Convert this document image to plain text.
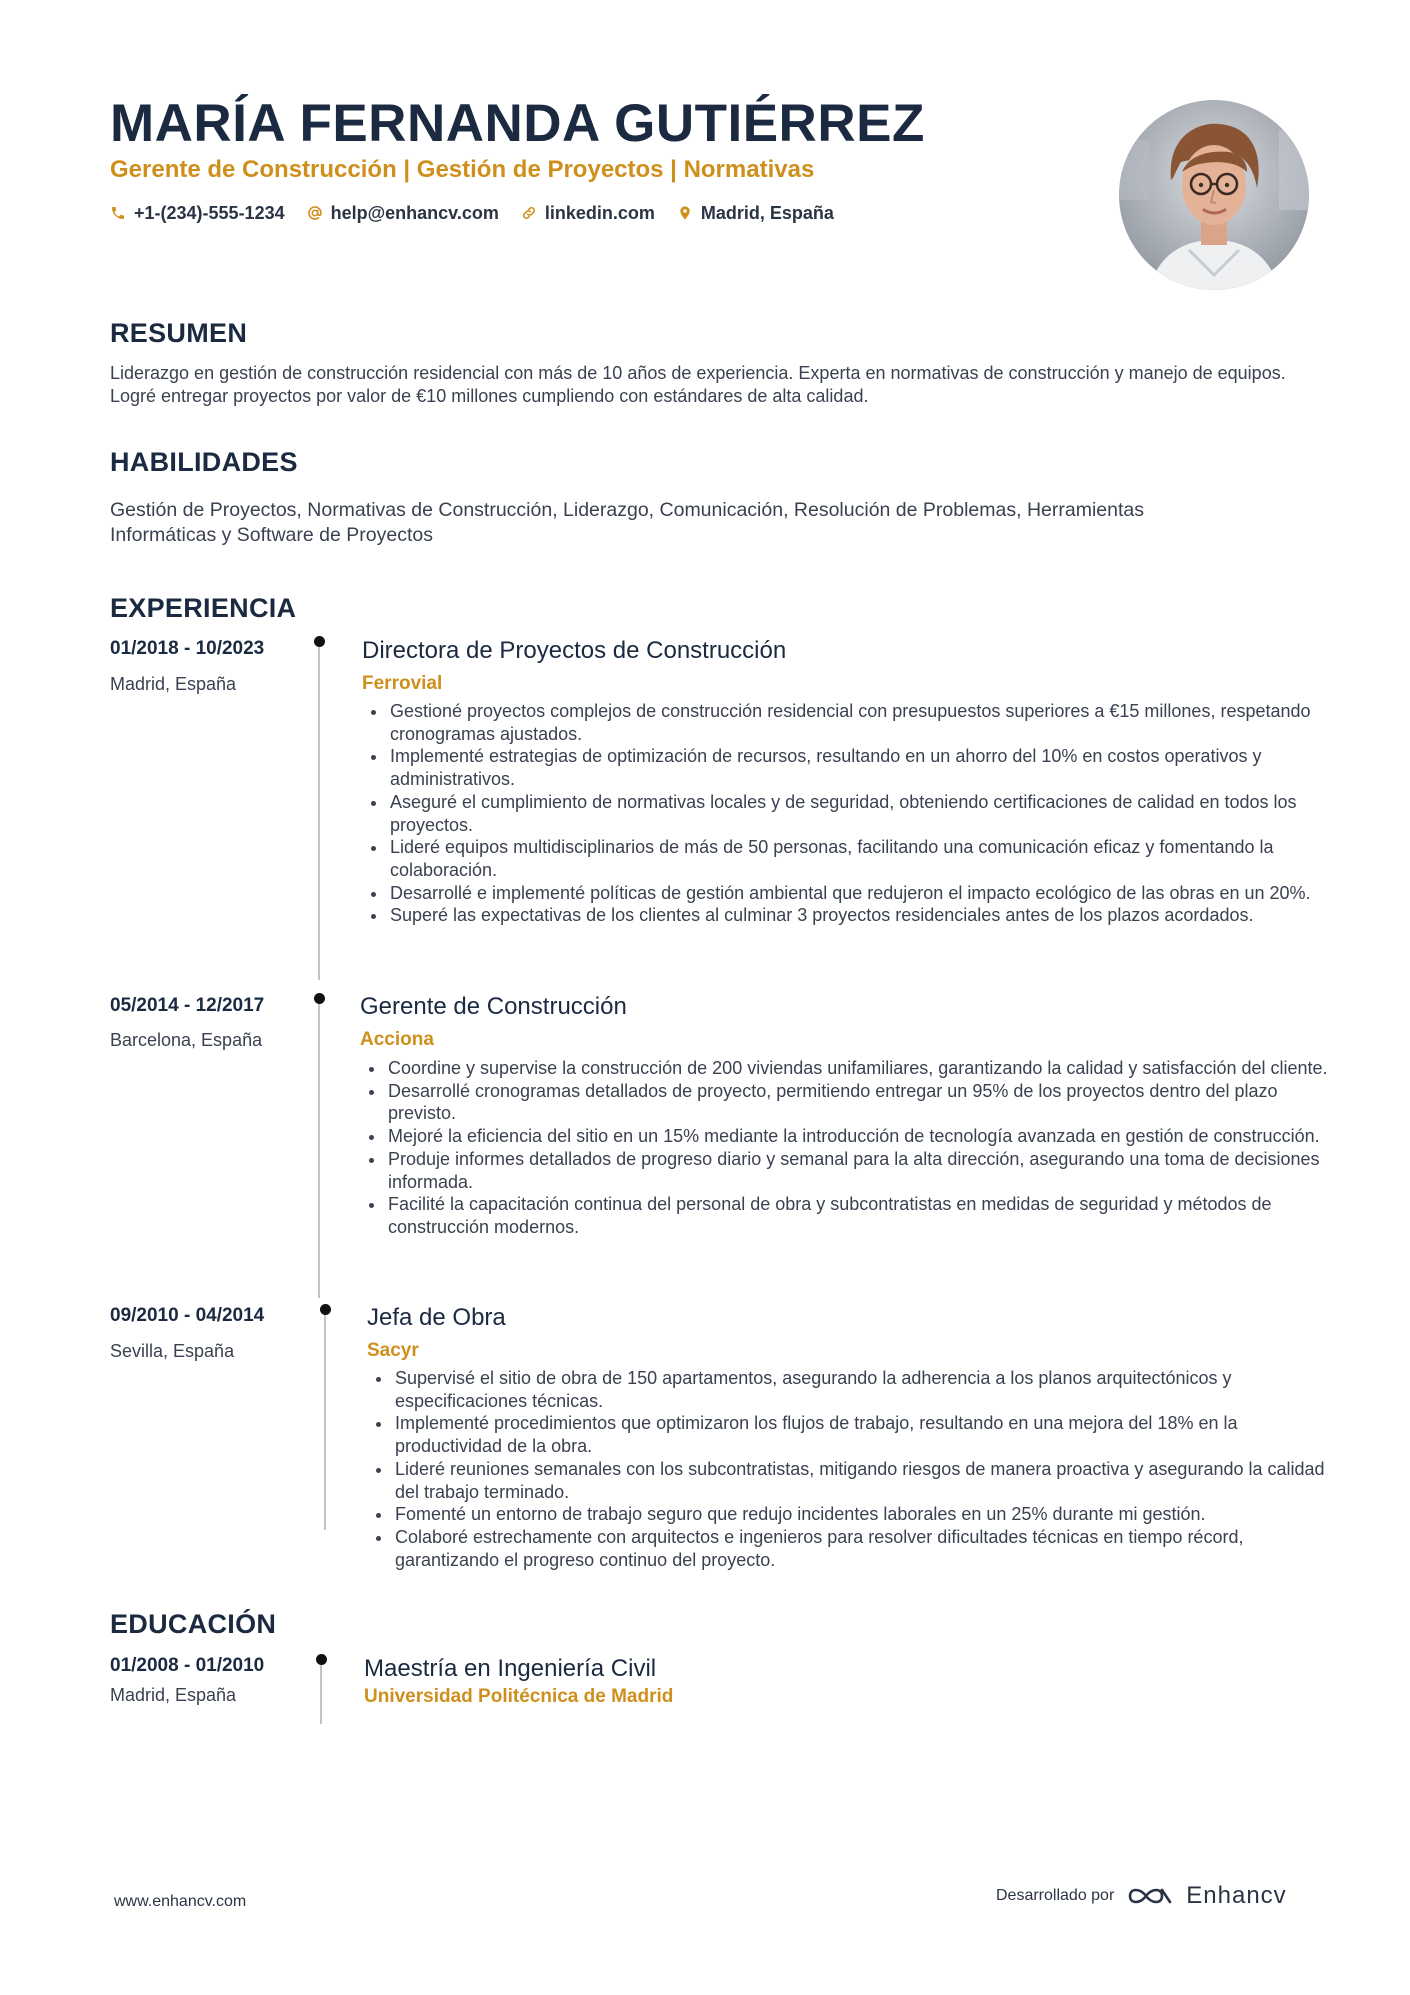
MARÍA FERNANDA GUTIÉRREZ
Gerente de Construcción | Gestión de Proyectos | Normativas
+1-(234)-555-1234	help@enhancv.com	linkedin.com	Madrid, España
RESUMEN

Liderazgo en gestión de construcción residencial con más de 10 años de experiencia. Experta en normativas de construcción y manejo de equipos. Logré entregar proyectos por valor de €10 millones cumpliendo con estándares de alta calidad.

HABILIDADES

Gestión de Proyectos, Normativas de Construcción, Liderazgo, Comunicación, Resolución de Problemas, Herramientas Informáticas y Software de Proyectos

EXPERIENCIA
01/2018 - 10/2023
Madrid, España
Directora de Proyectos de Construcción
Ferrovial
• Gestioné proyectos complejos de construcción residencial con presupuestos superiores a €15 millones, respetando cronogramas ajustados.
• Implementé estrategias de optimización de recursos, resultando en un ahorro del 10% en costos operativos y administrativos.
• Aseguré el cumplimiento de normativas locales y de seguridad, obteniendo certificaciones de calidad en todos los proyectos.
• Lideré equipos multidisciplinarios de más de 50 personas, facilitando una comunicación eficaz y fomentando la colaboración.
• Desarrollé e implementé políticas de gestión ambiental que redujeron el impacto ecológico de las obras en un 20%.
• Superé las expectativas de los clientes al culminar 3 proyectos residenciales antes de los plazos acordados.
05/2014 - 12/2017
Barcelona, España
Gerente de Construcción
Acciona
• Coordine y supervise la construcción de 200 viviendas unifamiliares, garantizando la calidad y satisfacción del cliente.
• Desarrollé cronogramas detallados de proyecto, permitiendo entregar un 95% de los proyectos dentro del plazo previsto.
• Mejoré la eficiencia del sitio en un 15% mediante la introducción de tecnología avanzada en gestión de construcción.
• Produje informes detallados de progreso diario y semanal para la alta dirección, asegurando una toma de decisiones informada.
• Facilité la capacitación continua del personal de obra y subcontratistas en medidas de seguridad y métodos de construcción modernos.
09/2010 - 04/2014
Sevilla, España
Jefa de Obra
Sacyr
• Supervisé el sitio de obra de 150 apartamentos, asegurando la adherencia a los planos arquitectónicos y especificaciones técnicas.
• Implementé procedimientos que optimizaron los flujos de trabajo, resultando en una mejora del 18% en la productividad de la obra.
• Lideré reuniones semanales con los subcontratistas, mitigando riesgos de manera proactiva y asegurando la calidad del trabajo terminado.
• Fomenté un entorno de trabajo seguro que redujo incidentes laborales en un 25% durante mi gestión.
• Colaboré estrechamente con arquitectos e ingenieros para resolver dificultades técnicas en tiempo récord, garantizando el progreso continuo del proyecto.
EDUCACIÓN
01/2008 - 01/2010
Madrid, España
Maestría en Ingeniería Civil
Universidad Politécnica de Madrid
www.enhancv.com	Desarrollado por	Enhancv
